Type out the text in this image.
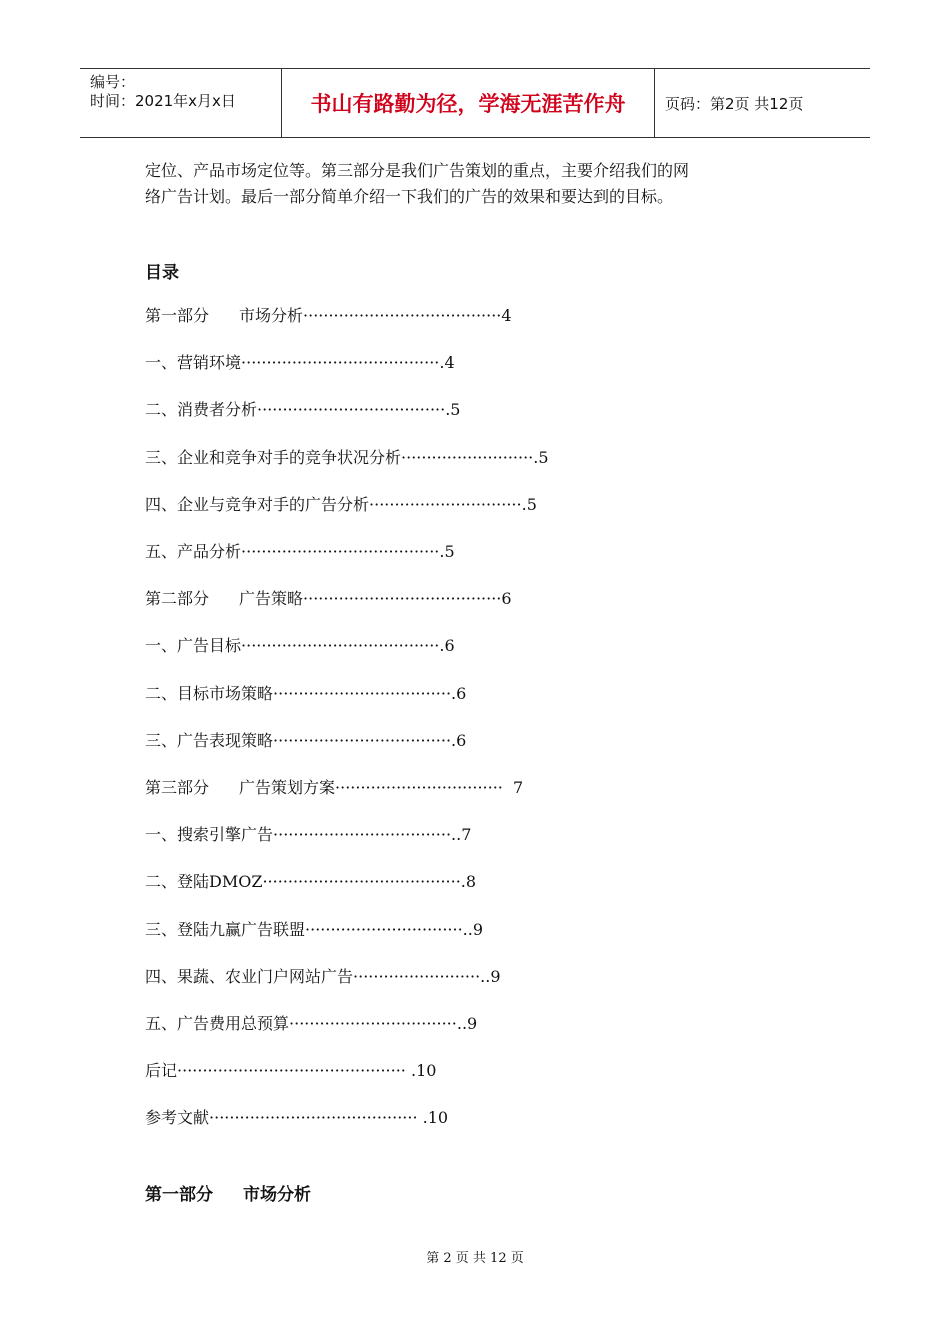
编号：
时间：2021年x月x日	书山有路勤为径，学海无涯苦作舟	页码：第2页 共12页
定位、产品市场定位等。第三部分是我们广告策划的重点，主要介绍我们的网
络广告计划。最后一部分简单介绍一下我们的广告的效果和要达到的目标。
目录
第一部分 市场分析·······································4
一、营销环境·······································.4
二、消费者分析·····································.5
三、企业和竞争对手的竞争状况分析··························.5
四、企业与竞争对手的广告分析······························.5
五、产品分析·······································.5
第二部分 广告策略·······································6
一、广告目标·······································.6
二、目标市场策略···································.6
三、广告表现策略···································.6
第三部分 广告策划方案·································  7
一、搜索引擎广告···································..7
二、登陆DMOZ·······································.8
三、登陆九赢广告联盟·······························..9
四、果蔬、农业门户网站广告·························..9
五、广告费用总预算·································..9
后记············································· .10
参考文献········································· .10
第一部分 市场分析
第 2 页 共 12 页
